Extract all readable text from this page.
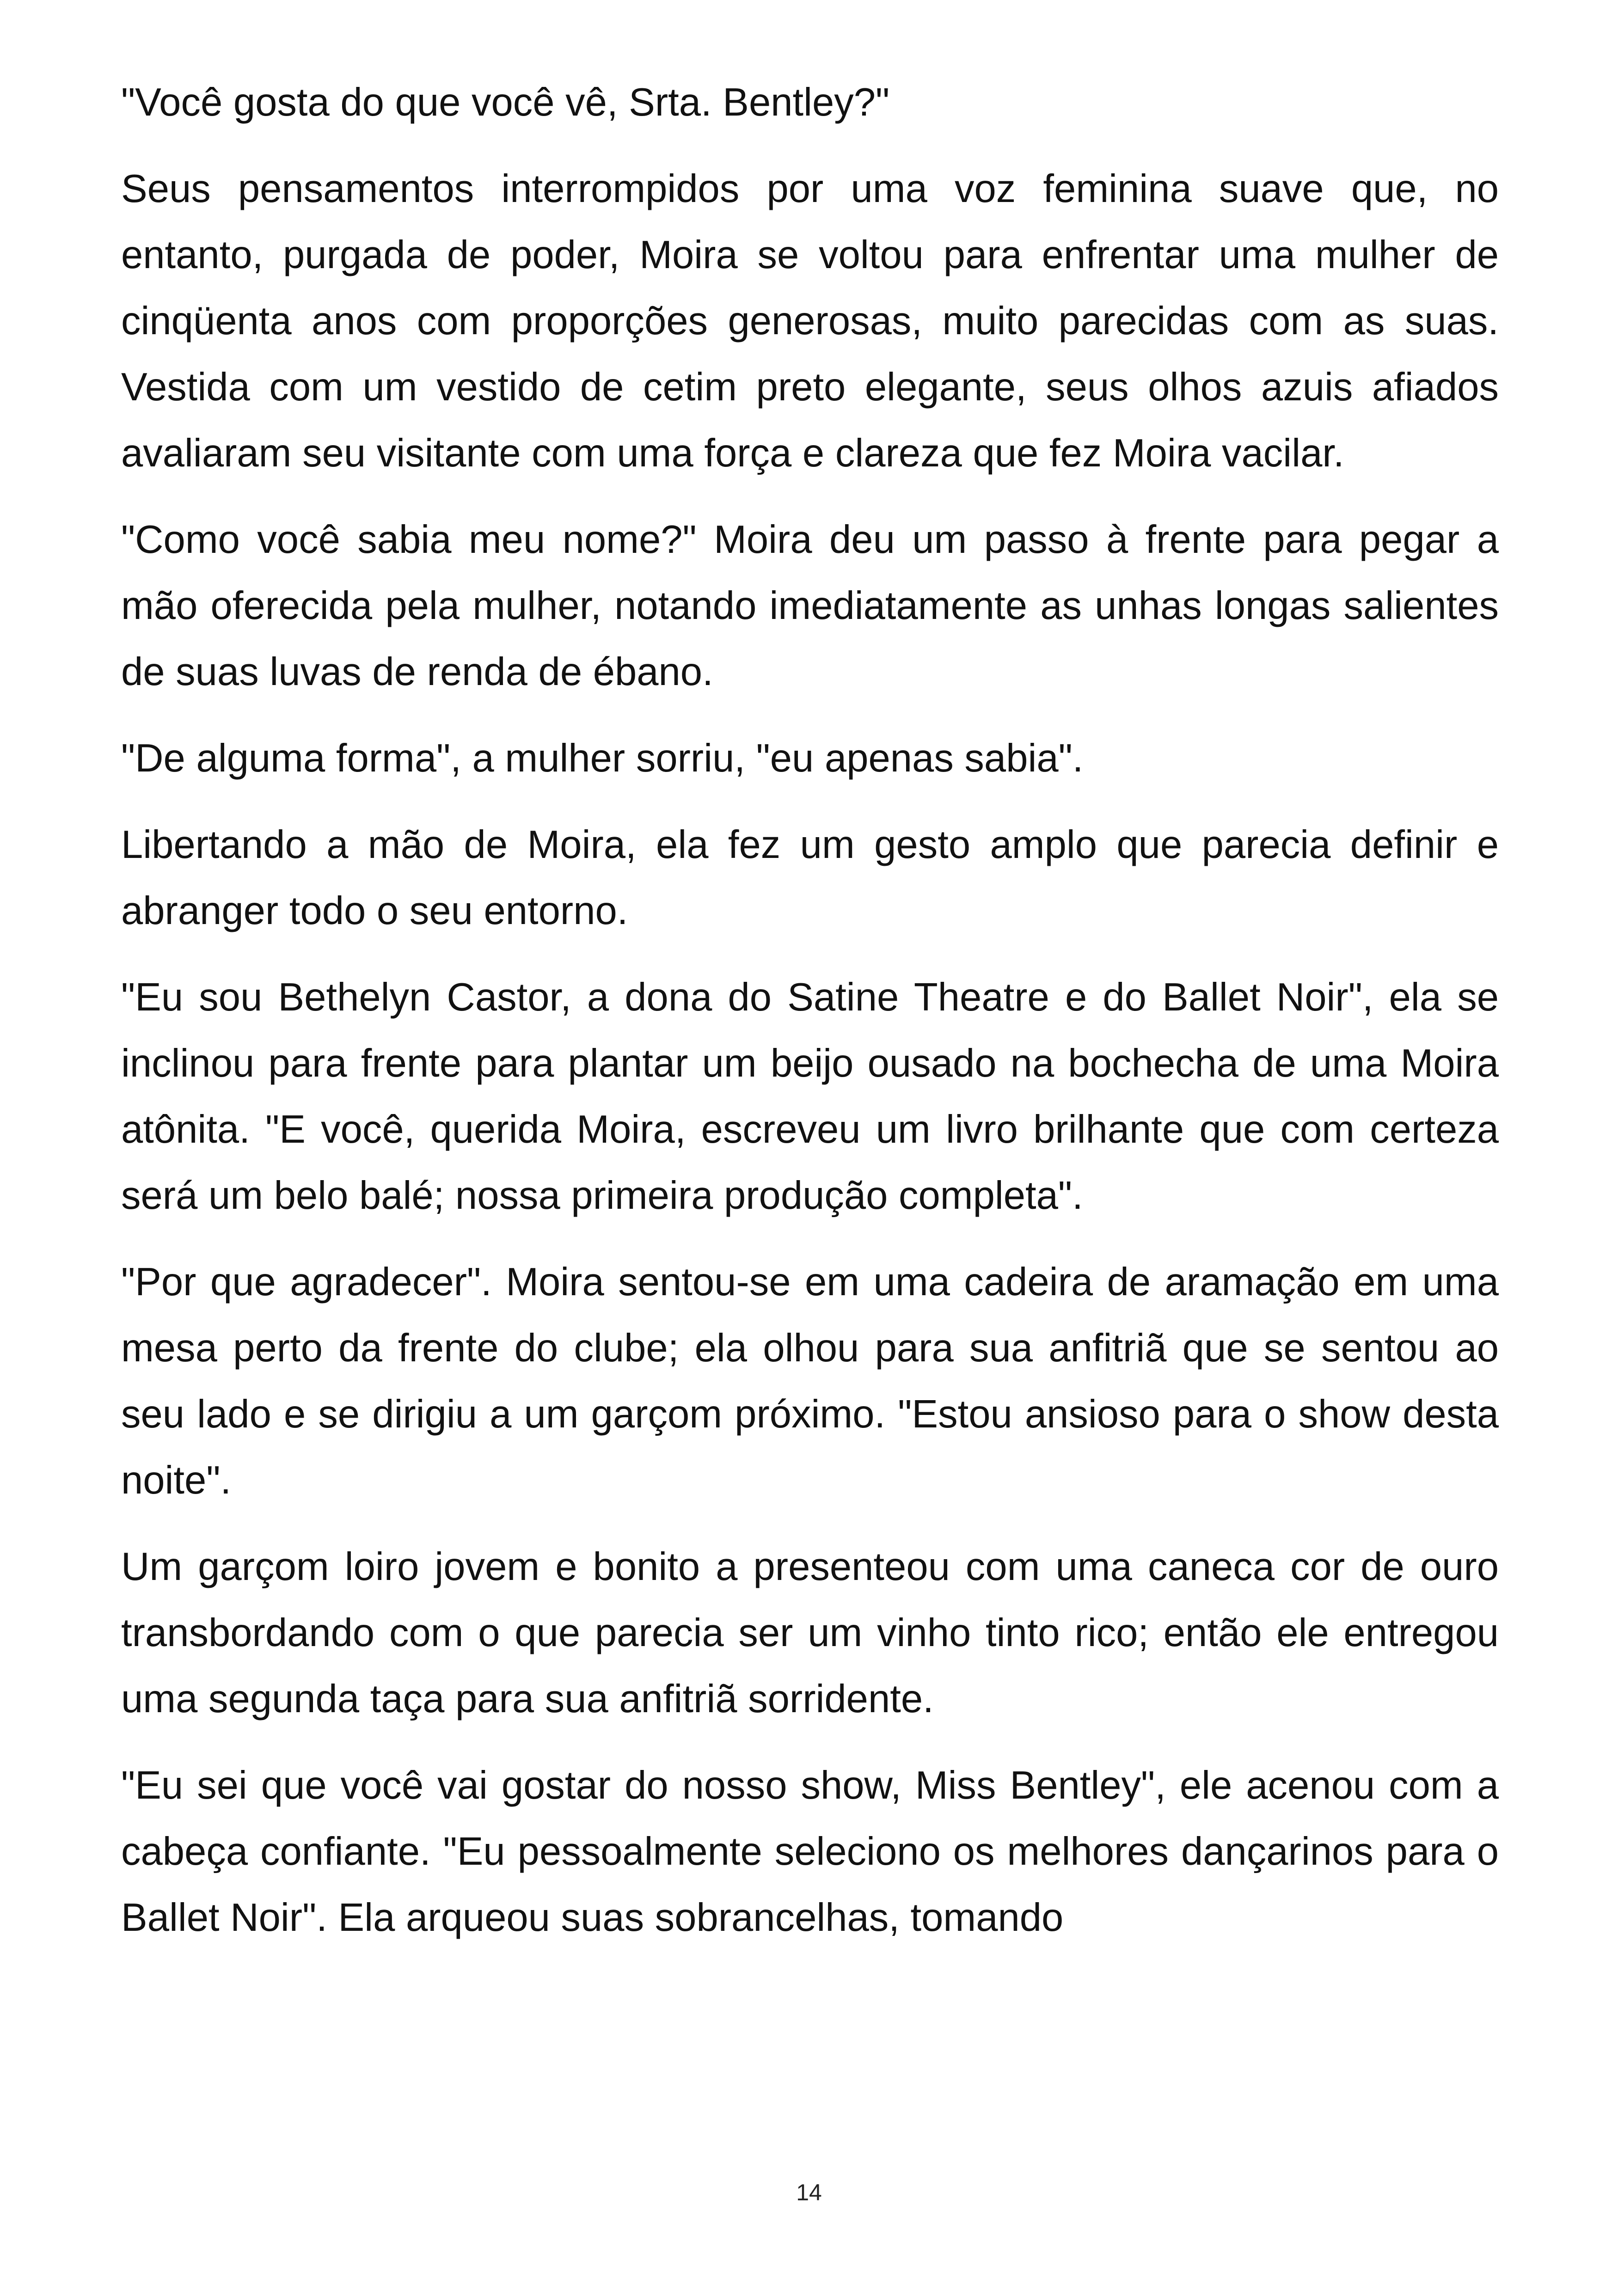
"Você gosta do que você vê, Srta. Bentley?"

Seus pensamentos interrompidos por uma voz feminina suave que, no entanto, purgada de poder, Moira se voltou para enfrentar uma mulher de cinqüenta anos com proporções generosas, muito parecidas com as suas. Vestida com um vestido de cetim preto elegante, seus olhos azuis afiados avaliaram seu visitante com uma força e clareza que fez Moira vacilar.

"Como você sabia meu nome?" Moira deu um passo à frente para pegar a mão oferecida pela mulher, notando imediatamente as unhas longas salientes de suas luvas de renda de ébano.

"De alguma forma", a mulher sorriu, "eu apenas sabia".

Libertando a mão de Moira, ela fez um gesto amplo que parecia definir e abranger todo o seu entorno.

"Eu sou Bethelyn Castor, a dona do Satine Theatre e do Ballet Noir", ela se inclinou para frente para plantar um beijo ousado na bochecha de uma Moira atônita. "E você, querida Moira, escreveu um livro brilhante que com certeza será um belo balé; nossa primeira produção completa".

"Por que agradecer". Moira sentou-se em uma cadeira de aramação em uma mesa perto da frente do clube; ela olhou para sua anfitriã que se sentou ao seu lado e se dirigiu a um garçom próximo. "Estou ansioso para o show desta noite".

Um garçom loiro jovem e bonito a presenteou com uma caneca cor de ouro transbordando com o que parecia ser um vinho tinto rico; então ele entregou uma segunda taça para sua anfitriã sorridente.

"Eu sei que você vai gostar do nosso show, Miss Bentley", ele acenou com a cabeça confiante. "Eu pessoalmente seleciono os melhores dançarinos para o Ballet Noir". Ela arqueou suas sobrancelhas, tomando

14
